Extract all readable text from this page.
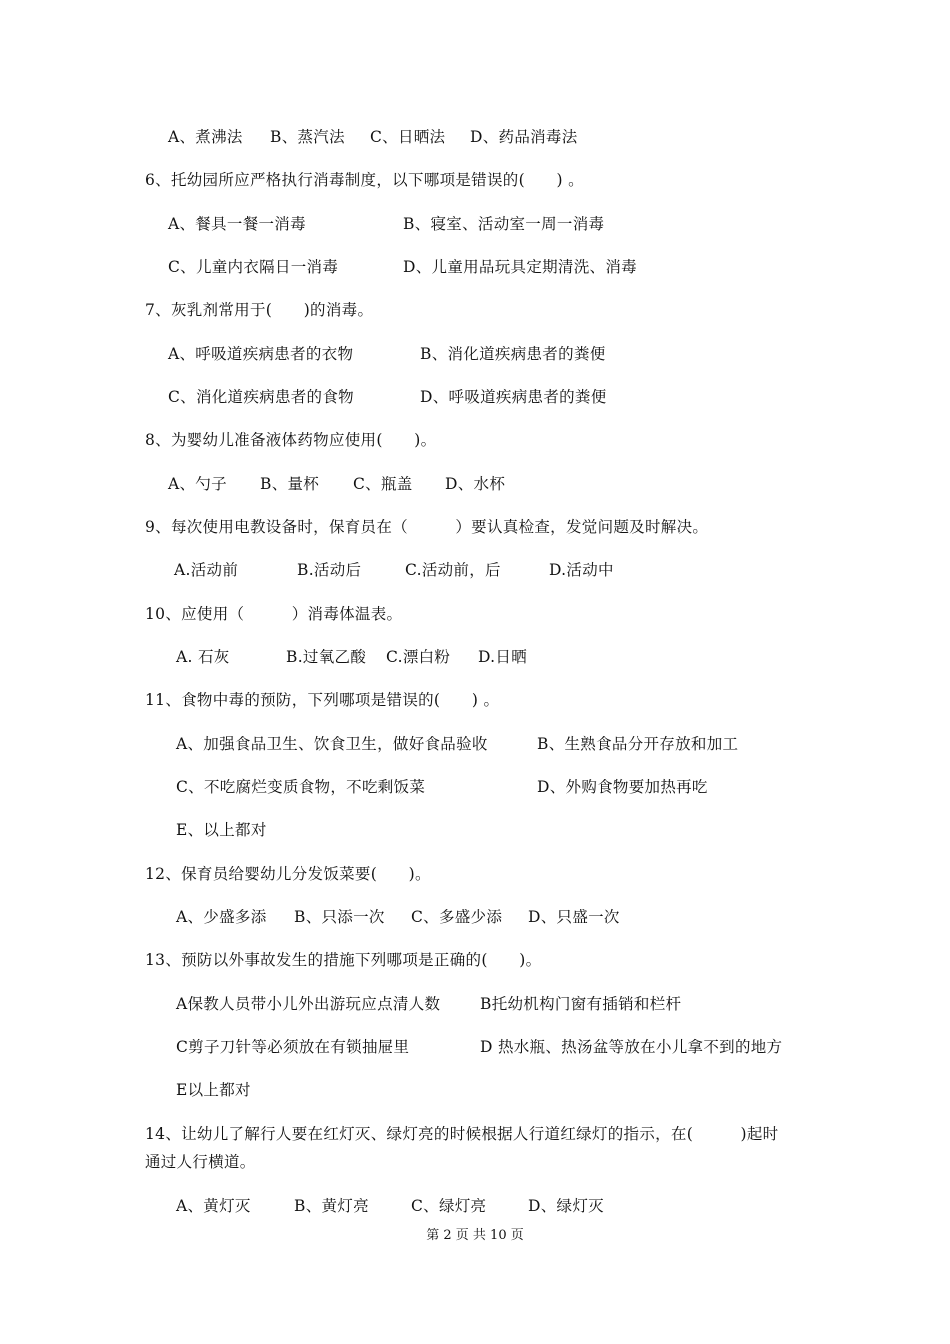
A、煮沸法 B、蒸汽法 C、日晒法 D、药品消毒法
6、托幼园所应严格执行消毒制度，以下哪项是错误的(　　) 。
A、餐具一餐一消毒	B、寝室、活动室一周一消毒
C、儿童内衣隔日一消毒	D、儿童用品玩具定期清洗、消毒
7、灰乳剂常用于(　　)的消毒。
A、呼吸道疾病患者的衣物	B、消化道疾病患者的粪便
C、消化道疾病患者的食物	D、呼吸道疾病患者的粪便
8、为婴幼儿准备液体药物应使用(　　)。
A、勺子 B、量杯 C、瓶盖 D、水杯
9、每次使用电教设备时，保育员在（　　　）要认真检查，发觉问题及时解决。
A.活动前	B.活动后	C.活动前，后	D.活动中
10、应使用（　　　）消毒体温表。
A. 石灰	B.过氧乙酸 C.漂白粉 D.日晒
11、食物中毒的预防，下列哪项是错误的(　　) 。
A、加强食品卫生、饮食卫生，做好食品验收	B、生熟食品分开存放和加工
C、不吃腐烂变质食物，不吃剩饭菜	D、外购食物要加热再吃
E、以上都对
12、保育员给婴幼儿分发饭菜要(　　)。
A、少盛多添 B、只添一次 C、多盛少添 D、只盛一次
13、预防以外事故发生的措施下列哪项是正确的(　　)。
A保教人员带小儿外出游玩应点清人数	B托幼机构门窗有插销和栏杆
C剪子刀针等必须放在有锁抽屉里	D 热水瓶、热汤盆等放在小儿拿不到的地方
E以上都对
14、让幼儿了解行人要在红灯灭、绿灯亮的时候根据人行道红绿灯的指示，在(　　　)起时
通过人行横道。
A、黄灯灭	B、黄灯亮	C、绿灯亮	D、绿灯灭
第 2 页 共 10 页
